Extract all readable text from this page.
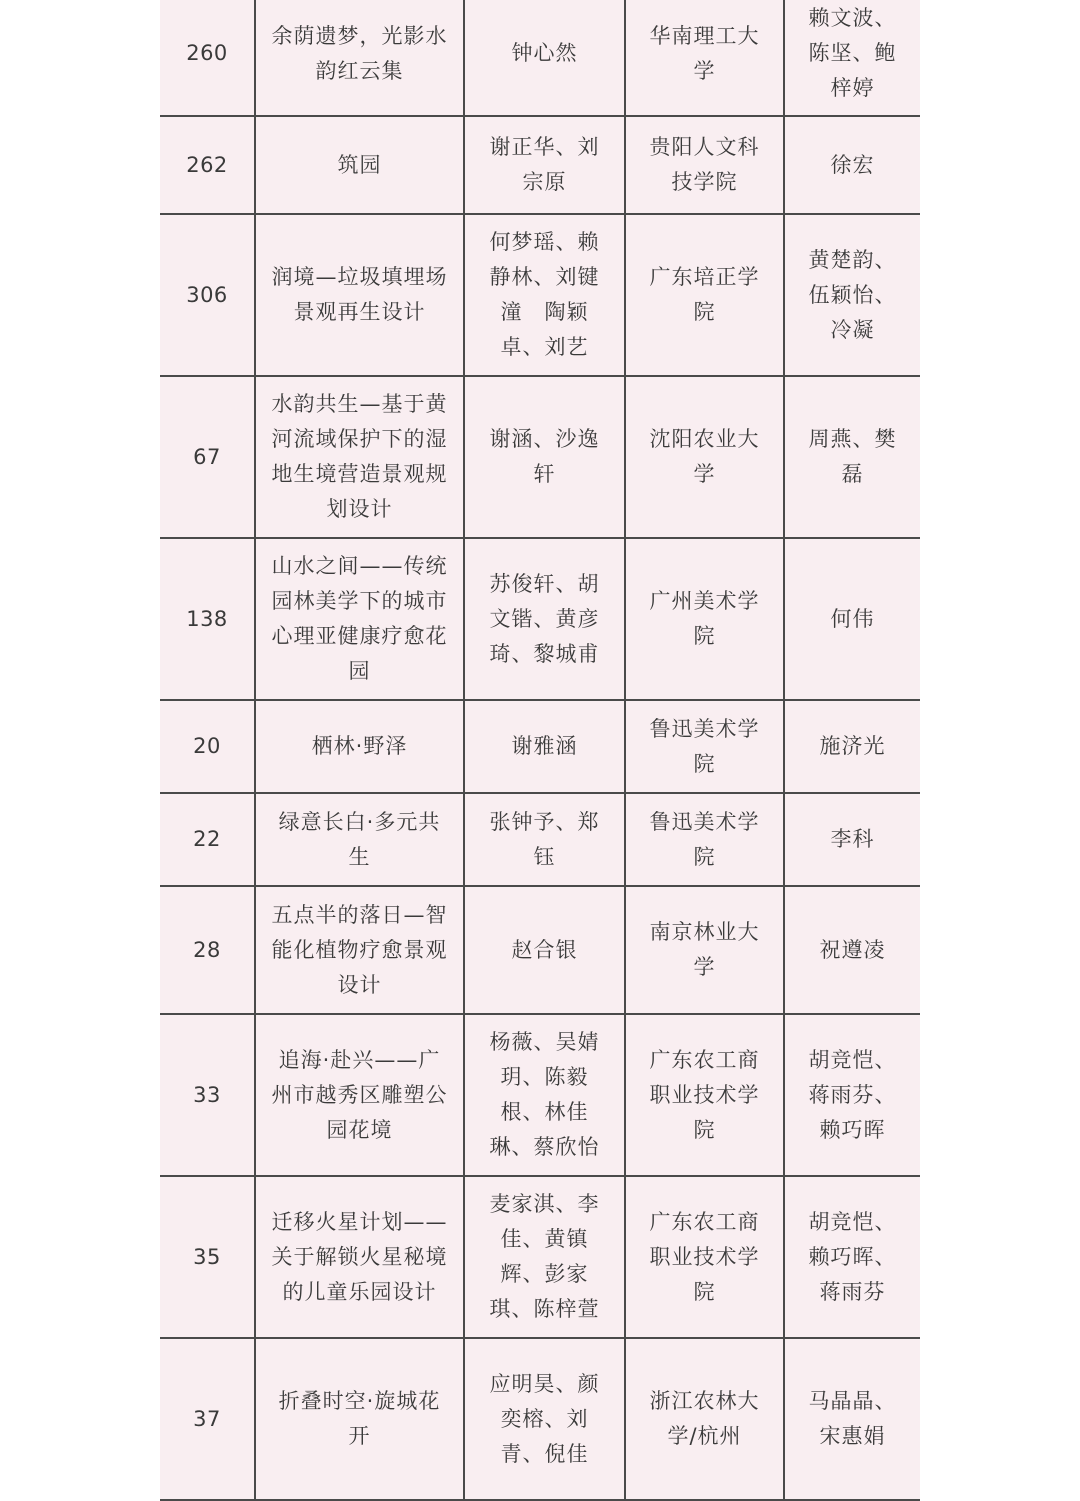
260	余荫遗梦，光影水韵红云集	钟心然	华南理工大学	赖文波、陈坚、鲍梓婷
262	筑园	谢正华、刘宗原	贵阳人文科技学院	徐宏
306	润境—垃圾填埋场景观再生设计	何梦瑶、赖静林、刘键潼　陶颖卓、刘艺	广东培正学院	黄楚韵、伍颖怡、冷凝
67	水韵共生—基于黄河流域保护下的湿地生境营造景观规划设计	谢涵、沙逸轩	沈阳农业大学	周燕、樊磊
138	山水之间——传统园林美学下的城市心理亚健康疗愈花园	苏俊轩、胡文锴、黄彦琦、黎城甫	广州美术学院	何伟
20	栖林·野泽	谢雅涵	鲁迅美术学院	施济光
22	绿意长白·多元共生	张钟予、郑钰	鲁迅美术学院	李科
28	五点半的落日—智能化植物疗愈景观设计	赵合银	南京林业大学	祝遵凌
33	追海·赴兴——广州市越秀区雕塑公园花境	杨薇、吴婧玥、陈毅根、林佳琳、蔡欣怡	广东农工商职业技术学院	胡竞恺、蒋雨芬、赖巧晖
35	迁移火星计划——关于解锁火星秘境的儿童乐园设计	麦家淇、李佳、黄镇辉、彭家琪、陈梓萱	广东农工商职业技术学院	胡竞恺、赖巧晖、蒋雨芬
37	折叠时空·旋城花开	应明昊、颜奕榕、刘青、倪佳	浙江农林大学/杭州	马晶晶、宋惠娟
